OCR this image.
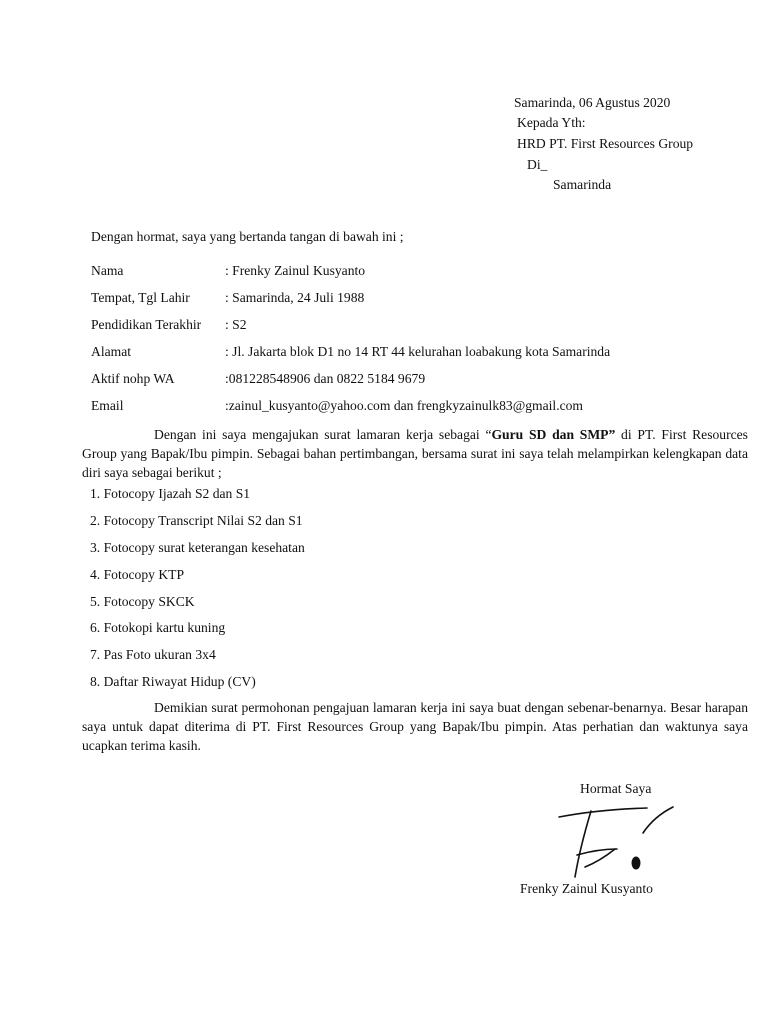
Samarinda, 06 Agustus 2020
Kepada Yth:
HRD PT. First Resources Group
Di_
Samarinda
Dengan hormat, saya yang bertanda tangan di bawah ini ;
Nama	: Frenky Zainul Kusyanto
Tempat, Tgl Lahir	: Samarinda, 24 Juli 1988
Pendidikan Terakhir : S2
Alamat	: Jl. Jakarta blok D1 no 14 RT 44 kelurahan loabakung kota Samarinda
Aktif nohp WA	:081228548906 dan 0822 5184 9679
Email	:zainul_kusyanto@yahoo.com dan frengkyzainulk83@gmail.com
Dengan ini saya mengajukan surat lamaran kerja sebagai “Guru SD dan SMP” di PT. First Resources Group yang Bapak/Ibu pimpin. Sebagai bahan pertimbangan, bersama surat ini saya telah melampirkan kelengkapan data diri saya sebagai berikut ;
1. Fotocopy Ijazah S2 dan S1
2. Fotocopy Transcript Nilai S2 dan S1
3. Fotocopy surat keterangan kesehatan
4. Fotocopy KTP
5. Fotocopy SKCK
6. Fotokopi kartu kuning
7. Pas Foto ukuran 3x4
8. Daftar Riwayat Hidup (CV)
Demikian surat permohonan pengajuan lamaran kerja ini saya buat dengan sebenar-benarnya. Besar harapan saya untuk dapat diterima di PT. First Resources Group yang Bapak/Ibu pimpin. Atas perhatian dan waktunya saya ucapkan terima kasih.
Hormat Saya
Frenky Zainul Kusyanto
